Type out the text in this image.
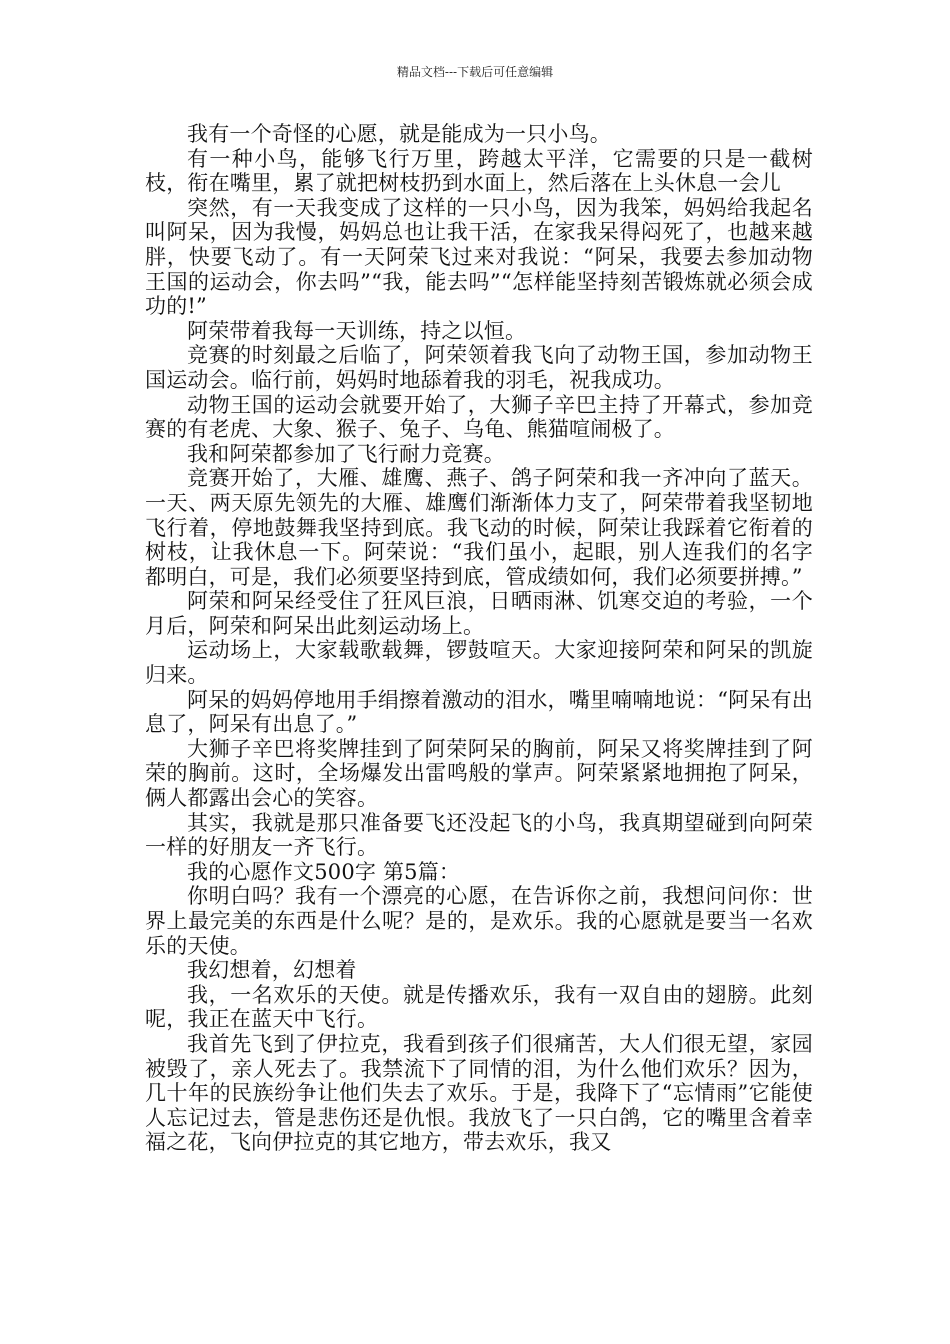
精品文档---下载后可任意编辑

我有一个奇怪的心愿，就是能成为一只小鸟。

有一种小鸟，能够飞行万里，跨越太平洋，它需要的只是一截树枝，衔在嘴里，累了就把树枝扔到水面上，然后落在上头休息一会儿

突然，有一天我变成了这样的一只小鸟，因为我笨，妈妈给我起名叫阿呆，因为我慢，妈妈总也让我干活，在家我呆得闷死了，也越来越胖，快要飞动了。有一天阿荣飞过来对我说：“阿呆，我要去参加动物王国的运动会，你去吗”“我，能去吗”“怎样能坚持刻苦锻炼就必须会成功的!”

阿荣带着我每一天训练，持之以恒。

竞赛的时刻最之后临了，阿荣领着我飞向了动物王国，参加动物王国运动会。临行前，妈妈时地舔着我的羽毛，祝我成功。

动物王国的运动会就要开始了，大狮子辛巴主持了开幕式，参加竞赛的有老虎、大象、猴子、兔子、乌龟、熊猫喧闹极了。

我和阿荣都参加了飞行耐力竞赛。

竞赛开始了，大雁、雄鹰、燕子、鸽子阿荣和我一齐冲向了蓝天。一天、两天原先领先的大雁、雄鹰们渐渐体力支了，阿荣带着我坚韧地飞行着，停地鼓舞我坚持到底。我飞动的时候，阿荣让我踩着它衔着的树枝，让我休息一下。阿荣说：“我们虽小，起眼，别人连我们的名字都明白，可是，我们必须要坚持到底，管成绩如何，我们必须要拼搏。”

阿荣和阿呆经受住了狂风巨浪，日晒雨淋、饥寒交迫的考验，一个月后，阿荣和阿呆出此刻运动场上。

运动场上，大家载歌载舞，锣鼓喧天。大家迎接阿荣和阿呆的凯旋归来。

阿呆的妈妈停地用手绢擦着激动的泪水，嘴里喃喃地说：“阿呆有出息了，阿呆有出息了。”

大狮子辛巴将奖牌挂到了阿荣阿呆的胸前，阿呆又将奖牌挂到了阿荣的胸前。这时，全场爆发出雷鸣般的掌声。阿荣紧紧地拥抱了阿呆，俩人都露出会心的笑容。

其实，我就是那只准备要飞还没起飞的小鸟，我真期望碰到向阿荣一样的好朋友一齐飞行。

我的心愿作文500字 第5篇：

你明白吗？我有一个漂亮的心愿，在告诉你之前，我想问问你：世界上最完美的东西是什么呢？是的，是欢乐。我的心愿就是要当一名欢乐的天使。

我幻想着，幻想着

我，一名欢乐的天使。就是传播欢乐，我有一双自由的翅膀。此刻呢，我正在蓝天中飞行。

我首先飞到了伊拉克，我看到孩子们很痛苦，大人们很无望，家园被毁了，亲人死去了。我禁流下了同情的泪，为什么他们欢乐？因为，几十年的民族纷争让他们失去了欢乐。于是，我降下了“忘情雨”它能使人忘记过去，管是悲伤还是仇恨。我放飞了一只白鸽，它的嘴里含着幸福之花，飞向伊拉克的其它地方，带去欢乐，我又
